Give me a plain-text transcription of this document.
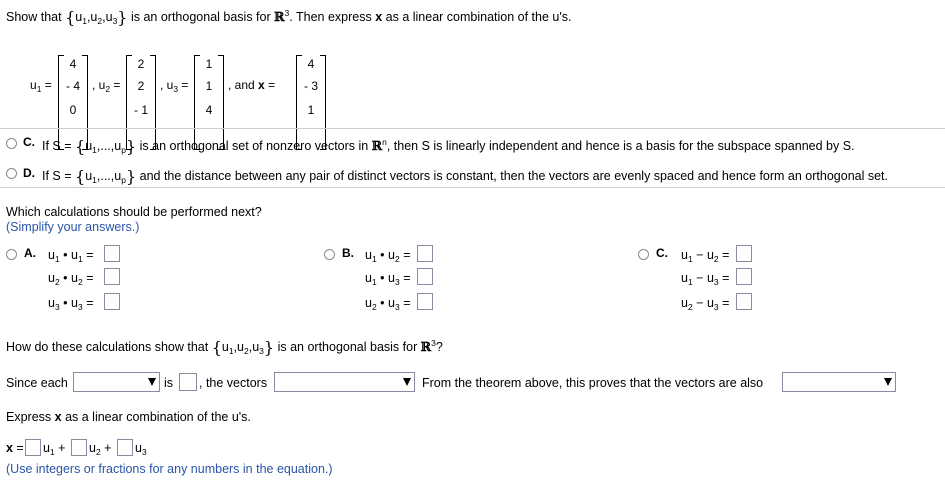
Show that $\{u_1,u_2,u_3\}$ is an orthogonal basis for ℝ$^3$. Then express x as a linear combination of the u's.
$u_1$ =
4
- 4
0
, $u_2$ =
2
2
- 1
, $u_3$ =
1
1
4
, and x =
4
- 3
1
C. If $S = \{u_1,...,u_p\}$ is an orthogonal set of nonzero vectors in ℝ$^n$, then S is linearly independent and hence is a basis for the subspace spanned by S.
D. If $S = \{u_1,...,u_p\}$ and the distance between any pair of distinct vectors is constant, then the vectors are evenly spaced and hence form an orthogonal set.
Which calculations should be performed next?
(Simplify your answers.)
A. $u_1$ • $u_1$ =
$u_2$ • $u_2$ =
$u_3$ • $u_3$ =
B. $u_1$ • $u_2$ =
$u_1$ • $u_3$ =
$u_2$ • $u_3$ =
C. $u_1 - u_2$ =
$u_1 - u_3$ =
$u_2 - u_3$ =
How do these calculations show that $\{u_1,u_2,u_3\}$ is an orthogonal basis for ℝ$^3$?
Since each	is , the vectors	From the theorem above, this proves that the vectors are also
Express x as a linear combination of the u's.
$x = u_1 + u_2 + u_3$
(Use integers or fractions for any numbers in the equation.)
